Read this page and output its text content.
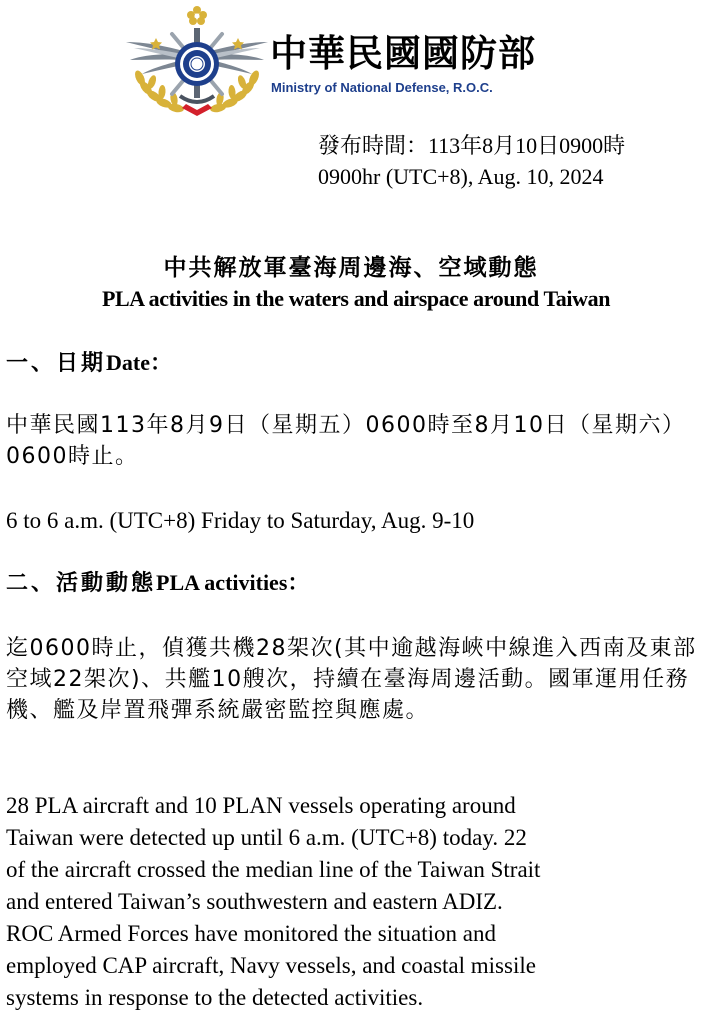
中華民國國防部
Ministry of National Defense, R.O.C.
發布時間：113年8月10日0900時
0900hr (UTC+8), Aug. 10, 2024
中共解放軍臺海周邊海、空域動態
PLA activities in the waters and airspace around Taiwan
一、日期Date：
中華民國113年8月9日（星期五）0600時至8月10日（星期六）0600時止。
6 to 6 a.m. (UTC+8) Friday to Saturday, Aug. 9-10
二、活動動態PLA activities：
迄0600時止，偵獲共機28架次(其中逾越海峽中線進入西南及東部空域22架次)、共艦10艘次，持續在臺海周邊活動。國軍運用任務機、艦及岸置飛彈系統嚴密監控與應處。
28 PLA aircraft and 10 PLAN vessels operating around
Taiwan were detected up until 6 a.m. (UTC+8) today. 22
of the aircraft crossed the median line of the Taiwan Strait
and entered Taiwan’s southwestern and eastern ADIZ.
ROC Armed Forces have monitored the situation and
employed CAP aircraft, Navy vessels, and coastal missile
systems in response to the detected activities.
